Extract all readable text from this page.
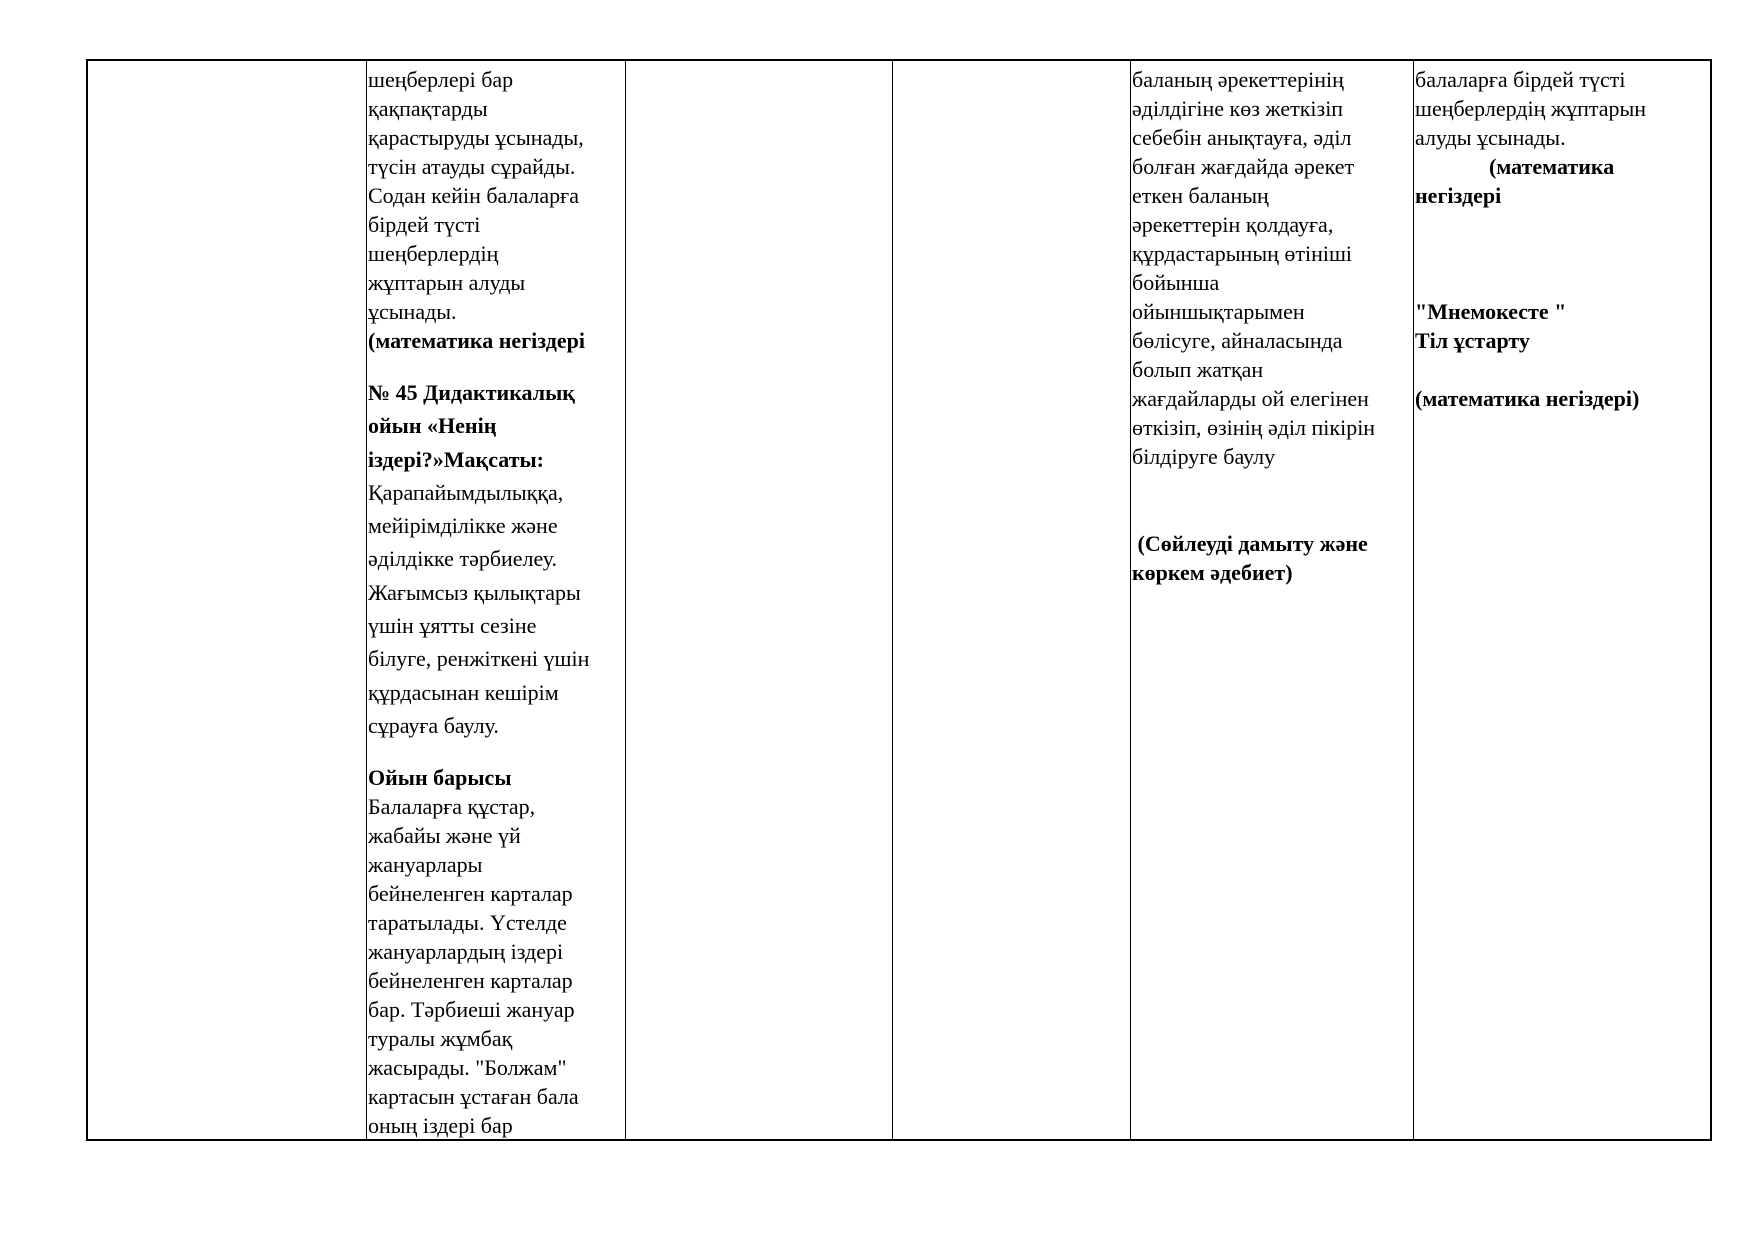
шеңберлері бар

қақпақтарды

қарастыруды ұсынады,

түсін атауды сұрайды.

Содан кейін балаларға

бірдей түсті

шеңберлердің

жұптарын алуды

ұсынады.

(математика негіздері

№ 45 Дидактикалық

ойын «Ненің

іздері?»Мақсаты:

Қарапайымдылыққа,

мейірімділікке және

әділдікке тәрбиелеу.

Жағымсыз қылықтары

үшін ұятты сезіне

білуге, ренжіткені үшін

құрдасынан кешірім

сұрауға баулу.

Ойын барысы

Балаларға құстар,

жабайы және үй

жануарлары

бейнеленген карталар

таратылады. Үстелде

жануарлардың іздері

бейнеленген карталар

бар. Тәрбиеші жануар

туралы жұмбақ

жасырады. "Болжам"

картасын ұстаған бала

оның іздері бар

баланың әрекеттерінің

әділдігіне көз жеткізіп

себебін анықтауға, әділ

болған жағдайда әрекет

еткен баланың

әрекеттерін қолдауға,

құрдастарының өтініші

бойынша

ойыншықтарымен

бөлісуге, айналасында

болып жатқан

жағдайларды ой елегінен

өткізіп, өзінің әділ пікірін

білдіруге баулу

(Сөйлеуді дамыту және

көркем әдебиет)

балаларға бірдей түсті

шеңберлердің жұптарын

алуды ұсынады.

(математика

негіздері

"Мнемокесте "

Тіл ұстарту

(математика негіздері)
